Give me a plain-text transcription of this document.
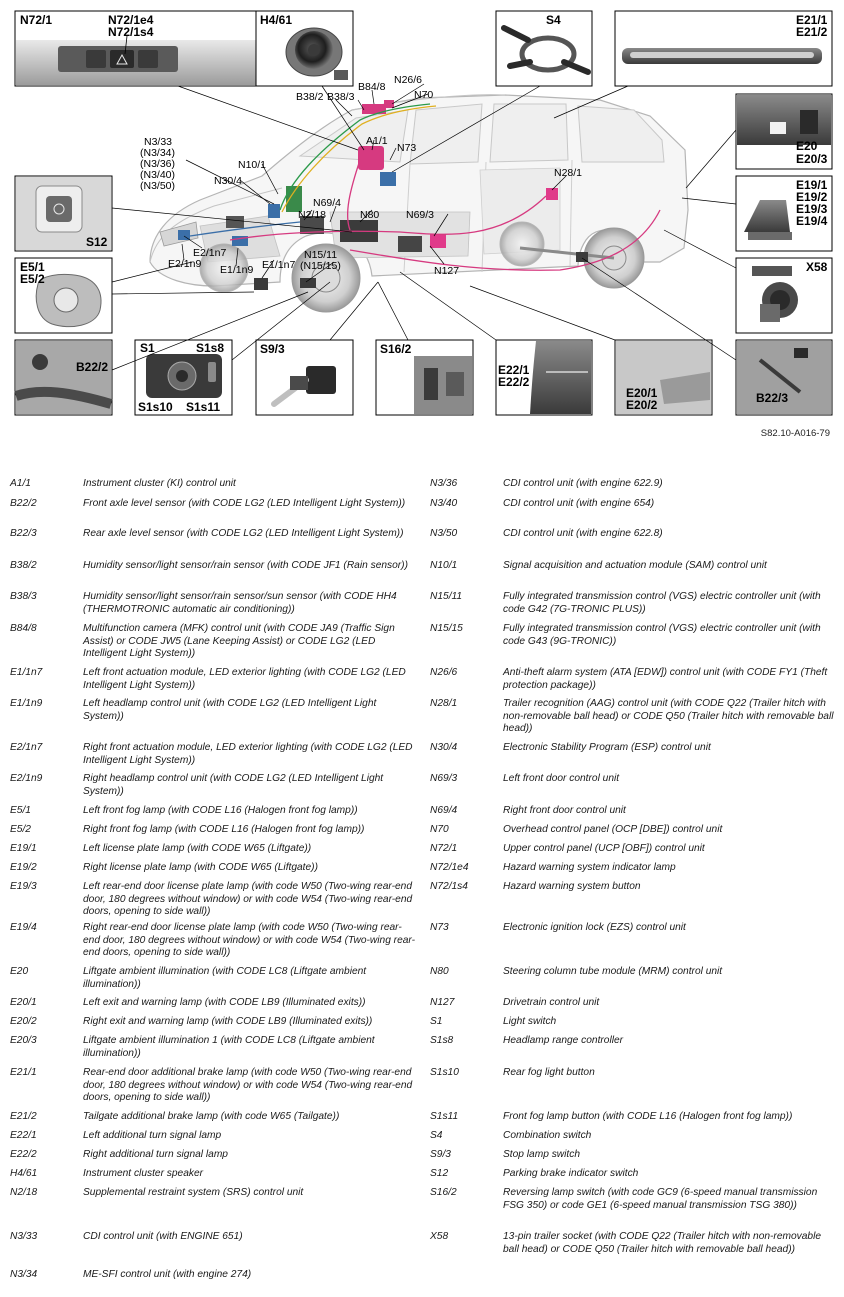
N72/1	N72/1e4
N72/1s4
H4/61	S4	E21/1
E21/2
E20
E20/3
E19/1
E19/2
E19/3
E19/4
X58
S12
E5/1
E5/2
B22/2
S1	S1s8
S1s10 S1s11
S9/3	S16/2
E22/1
E22/2
E20/1
E20/2	B22/3
B38/2 B38/3
B84/8
N26/6
N70
A1/1
N73
N3/33
(N3/34)
(N3/36)
(N3/40)
(N3/50)
N10/1
N30/4
N69/4
N80
N2/18	N69/3
N28/1
E2/1n7
E2/1n9 E1/1n9 E1/1n7
N15/11
(N15/15)	N127
S82.10-A016-79
A1/1	Instrument cluster (KI) control unit
B22/2	Front axle level sensor (with CODE LG2 (LED Intelligent Light System))
B22/3	Rear axle level sensor (with CODE LG2 (LED Intelligent Light System))
B38/2	Humidity sensor/light sensor/rain sensor (with CODE JF1 (Rain sensor))
B38/3	Humidity sensor/light sensor/rain sensor/sun sensor (with CODE HH4 (THERMOTRONIC automatic air conditioning))
B84/8	Multifunction camera (MFK) control unit (with CODE JA9 (Traffic Sign Assist) or CODE JW5 (Lane Keeping Assist) or CODE LG2 (LED Intelligent Light System))
E1/1n7	Left front actuation module, LED exterior lighting (with CODE LG2 (LED Intelligent Light System))
E1/1n9	Left headlamp control unit (with CODE LG2 (LED Intelligent Light System))
E2/1n7	Right front actuation module, LED exterior lighting (with CODE LG2 (LED Intelligent Light System))
E2/1n9	Right headlamp control unit (with CODE LG2 (LED Intelligent Light System))
E5/1	Left front fog lamp (with CODE L16 (Halogen front fog lamp))
E5/2	Right front fog lamp (with CODE L16 (Halogen front fog lamp))
E19/1	Left license plate lamp (with CODE W65 (Liftgate))
E19/2	Right license plate lamp (with CODE W65 (Liftgate))
E19/3	Left rear-end door license plate lamp (with code W50 (Two-wing rear-end door, 180 degrees without window) or with code W54 (Two-wing rear-end doors, opening to side wall))
E19/4	Right rear-end door license plate lamp (with code W50 (Two-wing rear-end door, 180 degrees without window) or with code W54 (Two-wing rear-end doors, opening to side wall))
E20	Liftgate ambient illumination (with CODE LC8 (Liftgate ambient illumination))
E20/1	Left exit and warning lamp (with CODE LB9 (Illuminated exits))
E20/2	Right exit and warning lamp (with CODE LB9 (Illuminated exits))
E20/3	Liftgate ambient illumination 1 (with CODE LC8 (Liftgate ambient illumination))
E21/1	Rear-end door additional brake lamp (with code W50 (Two-wing rear-end door, 180 degrees without window) or with code W54 (Two-wing rear-end doors, opening to side wall))
E21/2	Tailgate additional brake lamp (with code W65 (Tailgate))
E22/1	Left additional turn signal lamp
E22/2	Right additional turn signal lamp
H4/61	Instrument cluster speaker
N2/18	Supplemental restraint system (SRS) control unit
N3/33	CDI control unit (with ENGINE 651)
N3/34	ME-SFI control unit (with engine 274)
N3/36	CDI control unit (with engine 622.9)
N3/40	CDI control unit (with engine 654)
N3/50	CDI control unit (with engine 622.8)
N10/1	Signal acquisition and actuation module (SAM) control unit
N15/11	Fully integrated transmission control (VGS) electric controller unit (with code G42 (7G-TRONIC PLUS))
N15/15	Fully integrated transmission control (VGS) electric controller unit (with code G43 (9G-TRONIC))
N26/6	Anti-theft alarm system (ATA [EDW]) control unit (with CODE FY1 (Theft protection package))
N28/1	Trailer recognition (AAG) control unit (with CODE Q22 (Trailer hitch with non-removable ball head) or CODE Q50 (Trailer hitch with removable ball head))
N30/4	Electronic Stability Program (ESP) control unit
N69/3	Left front door control unit
N69/4	Right front door control unit
N70	Overhead control panel (OCP [DBE]) control unit
N72/1	Upper control panel (UCP [OBF]) control unit
N72/1e4	Hazard warning system indicator lamp
N72/1s4	Hazard warning system button
N73	Electronic ignition lock (EZS) control unit
N80	Steering column tube module (MRM) control unit
N127	Drivetrain control unit
S1	Light switch
S1s8	Headlamp range controller
S1s10	Rear fog light button
S1s11	Front fog lamp button (with CODE L16 (Halogen front fog lamp))
S4	Combination switch
S9/3	Stop lamp switch
S12	Parking brake indicator switch
S16/2	Reversing lamp switch (with code GC9 (6-speed manual transmission FSG 350) or code GE1 (6-speed manual transmission TSG 380))
X58	13-pin trailer socket (with CODE Q22 (Trailer hitch with non-removable ball head) or CODE Q50 (Trailer hitch with removable ball head))
